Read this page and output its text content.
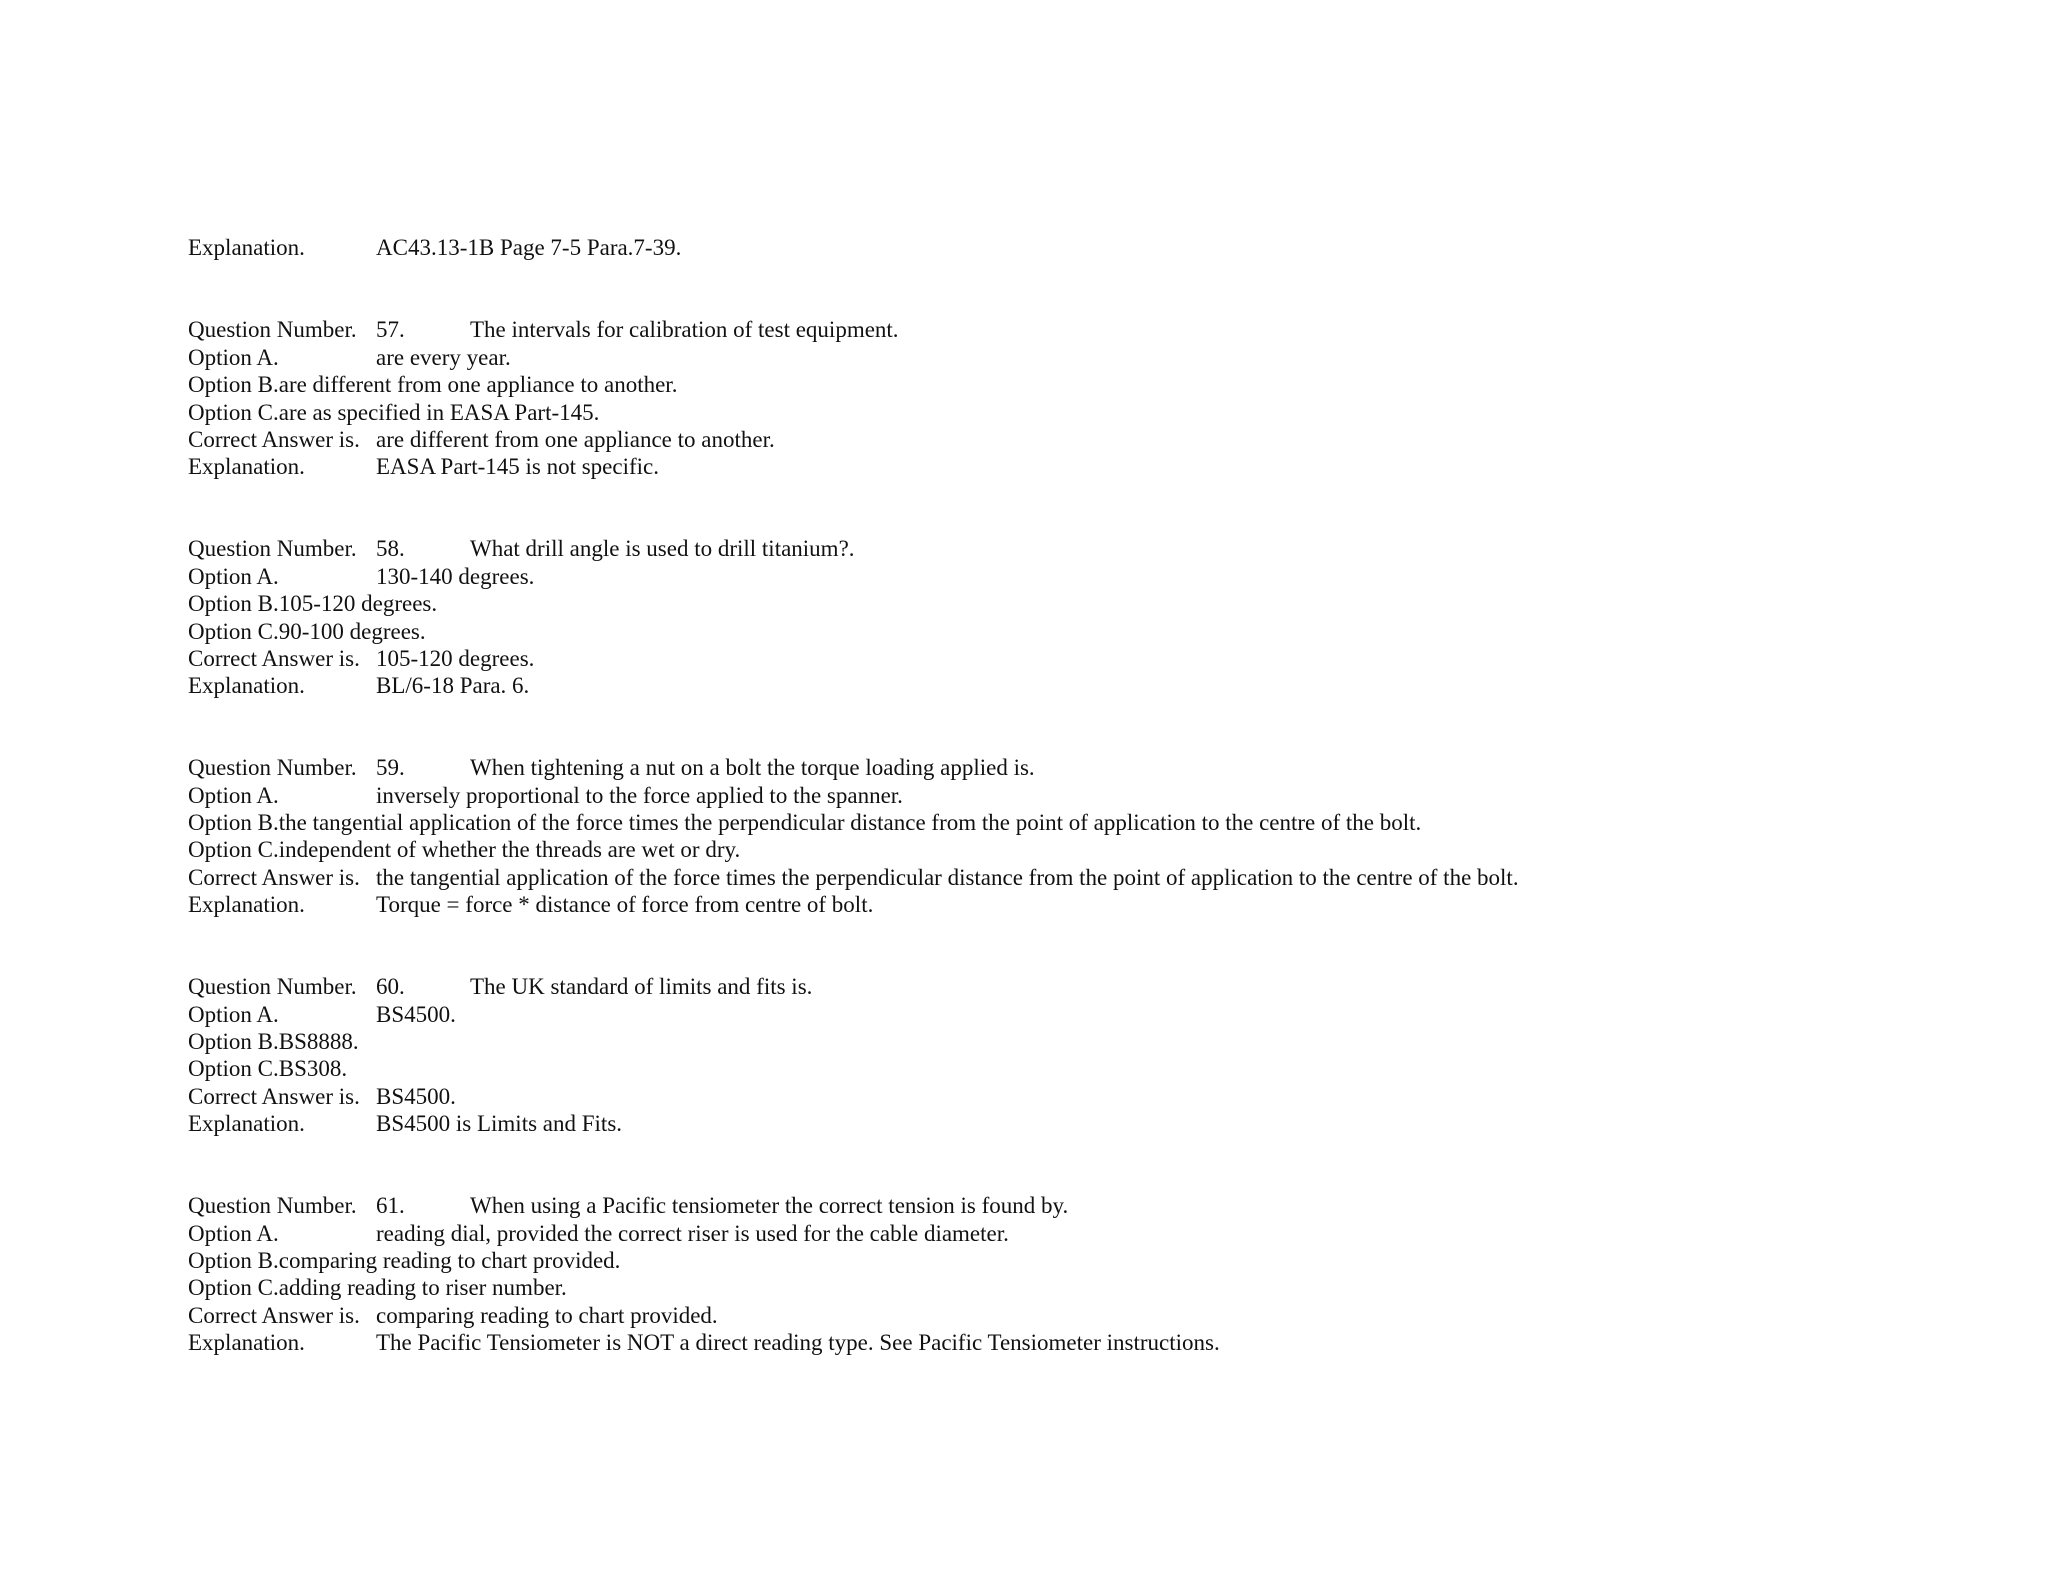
Explanation.	AC43.13-1B Page 7-5 Para.7-39.
Question Number. 57.	The intervals for calibration of test equipment.
Option A.	are every year.
Option B.are different from one appliance to another.
Option C.are as specified in EASA Part-145.
Correct Answer is. are different from one appliance to another.
Explanation.	EASA Part-145 is not specific.
Question Number. 58.	What drill angle is used to drill titanium?.
Option A.	130-140 degrees.
Option B.105-120 degrees.
Option C.90-100 degrees.
Correct Answer is. 105-120 degrees.
Explanation.	BL/6-18 Para. 6.
Question Number. 59.	When tightening a nut on a bolt the torque loading applied is.
Option A.	inversely proportional to the force applied to the spanner.
Option B.the tangential application of the force times the perpendicular distance from the point of application to the centre of the bolt.
Option C.independent of whether the threads are wet or dry.
Correct Answer is. the tangential application of the force times the perpendicular distance from the point of application to the centre of the bolt.
Explanation.	Torque = force * distance of force from centre of bolt.
Question Number. 60.	The UK standard of limits and fits is.
Option A.	BS4500.
Option B.BS8888.
Option C.BS308.
Correct Answer is. BS4500.
Explanation.	BS4500 is Limits and Fits.
Question Number. 61.	When using a Pacific tensiometer the correct tension is found by.
Option A.	reading dial, provided the correct riser is used for the cable diameter.
Option B.comparing reading to chart provided.
Option C.adding reading to riser number.
Correct Answer is. comparing reading to chart provided.
Explanation.	The Pacific Tensiometer is NOT a direct reading type. See Pacific Tensiometer instructions.
